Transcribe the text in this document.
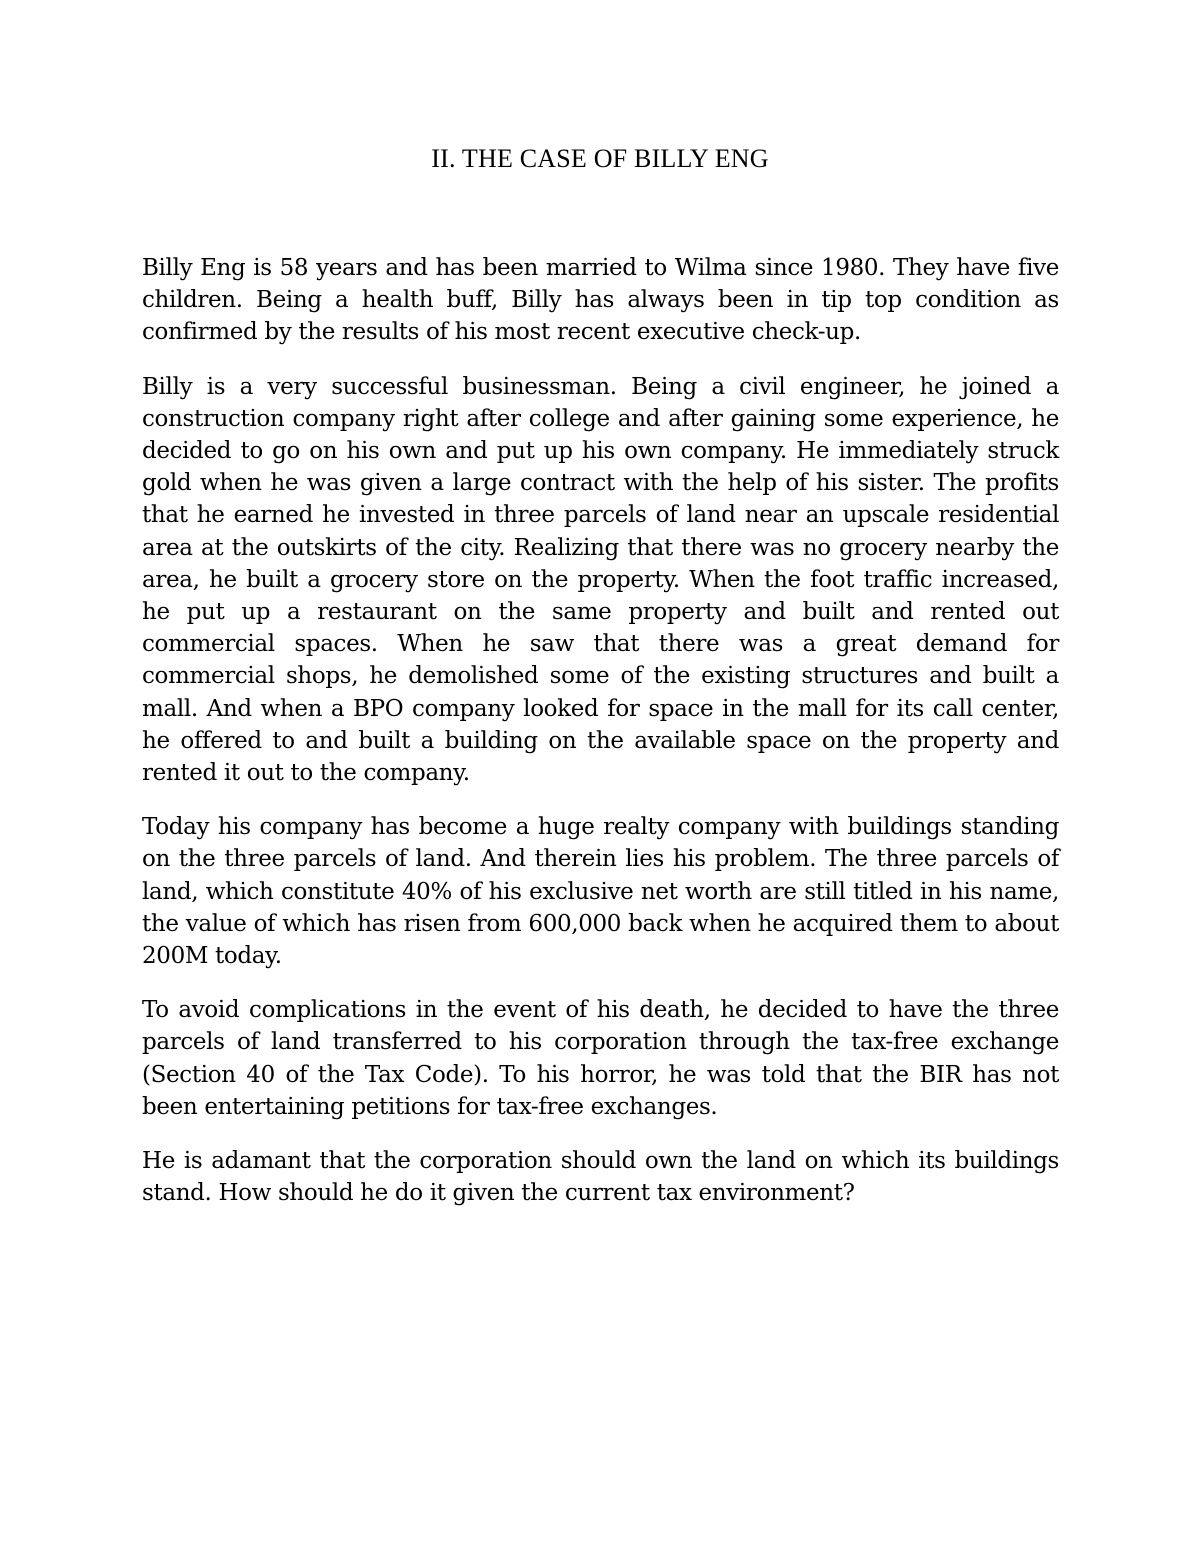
II. THE CASE OF BILLY ENG

Billy Eng is 58 years and has been married to Wilma since 1980. They have five children. Being a health buff, Billy has always been in tip top condition as confirmed by the results of his most recent executive check-up.

Billy is a very successful businessman. Being a civil engineer, he joined a construction company right after college and after gaining some experience, he decided to go on his own and put up his own company. He immediately struck gold when he was given a large contract with the help of his sister. The profits that he earned he invested in three parcels of land near an upscale residential area at the outskirts of the city. Realizing that there was no grocery nearby the area, he built a grocery store on the property. When the foot traffic increased, he put up a restaurant on the same property and built and rented out commercial spaces. When he saw that there was a great demand for commercial shops, he demolished some of the existing structures and built a mall. And when a BPO company looked for space in the mall for its call center, he offered to and built a building on the available space on the property and rented it out to the company.

Today his company has become a huge realty company with buildings standing on the three parcels of land. And therein lies his problem. The three parcels of land, which constitute 40% of his exclusive net worth are still titled in his name, the value of which has risen from 600,000 back when he acquired them to about 200M today.

To avoid complications in the event of his death, he decided to have the three parcels of land transferred to his corporation through the tax-free exchange (Section 40 of the Tax Code). To his horror, he was told that the BIR has not been entertaining petitions for tax-free exchanges.

He is adamant that the corporation should own the land on which its buildings stand. How should he do it given the current tax environment?
